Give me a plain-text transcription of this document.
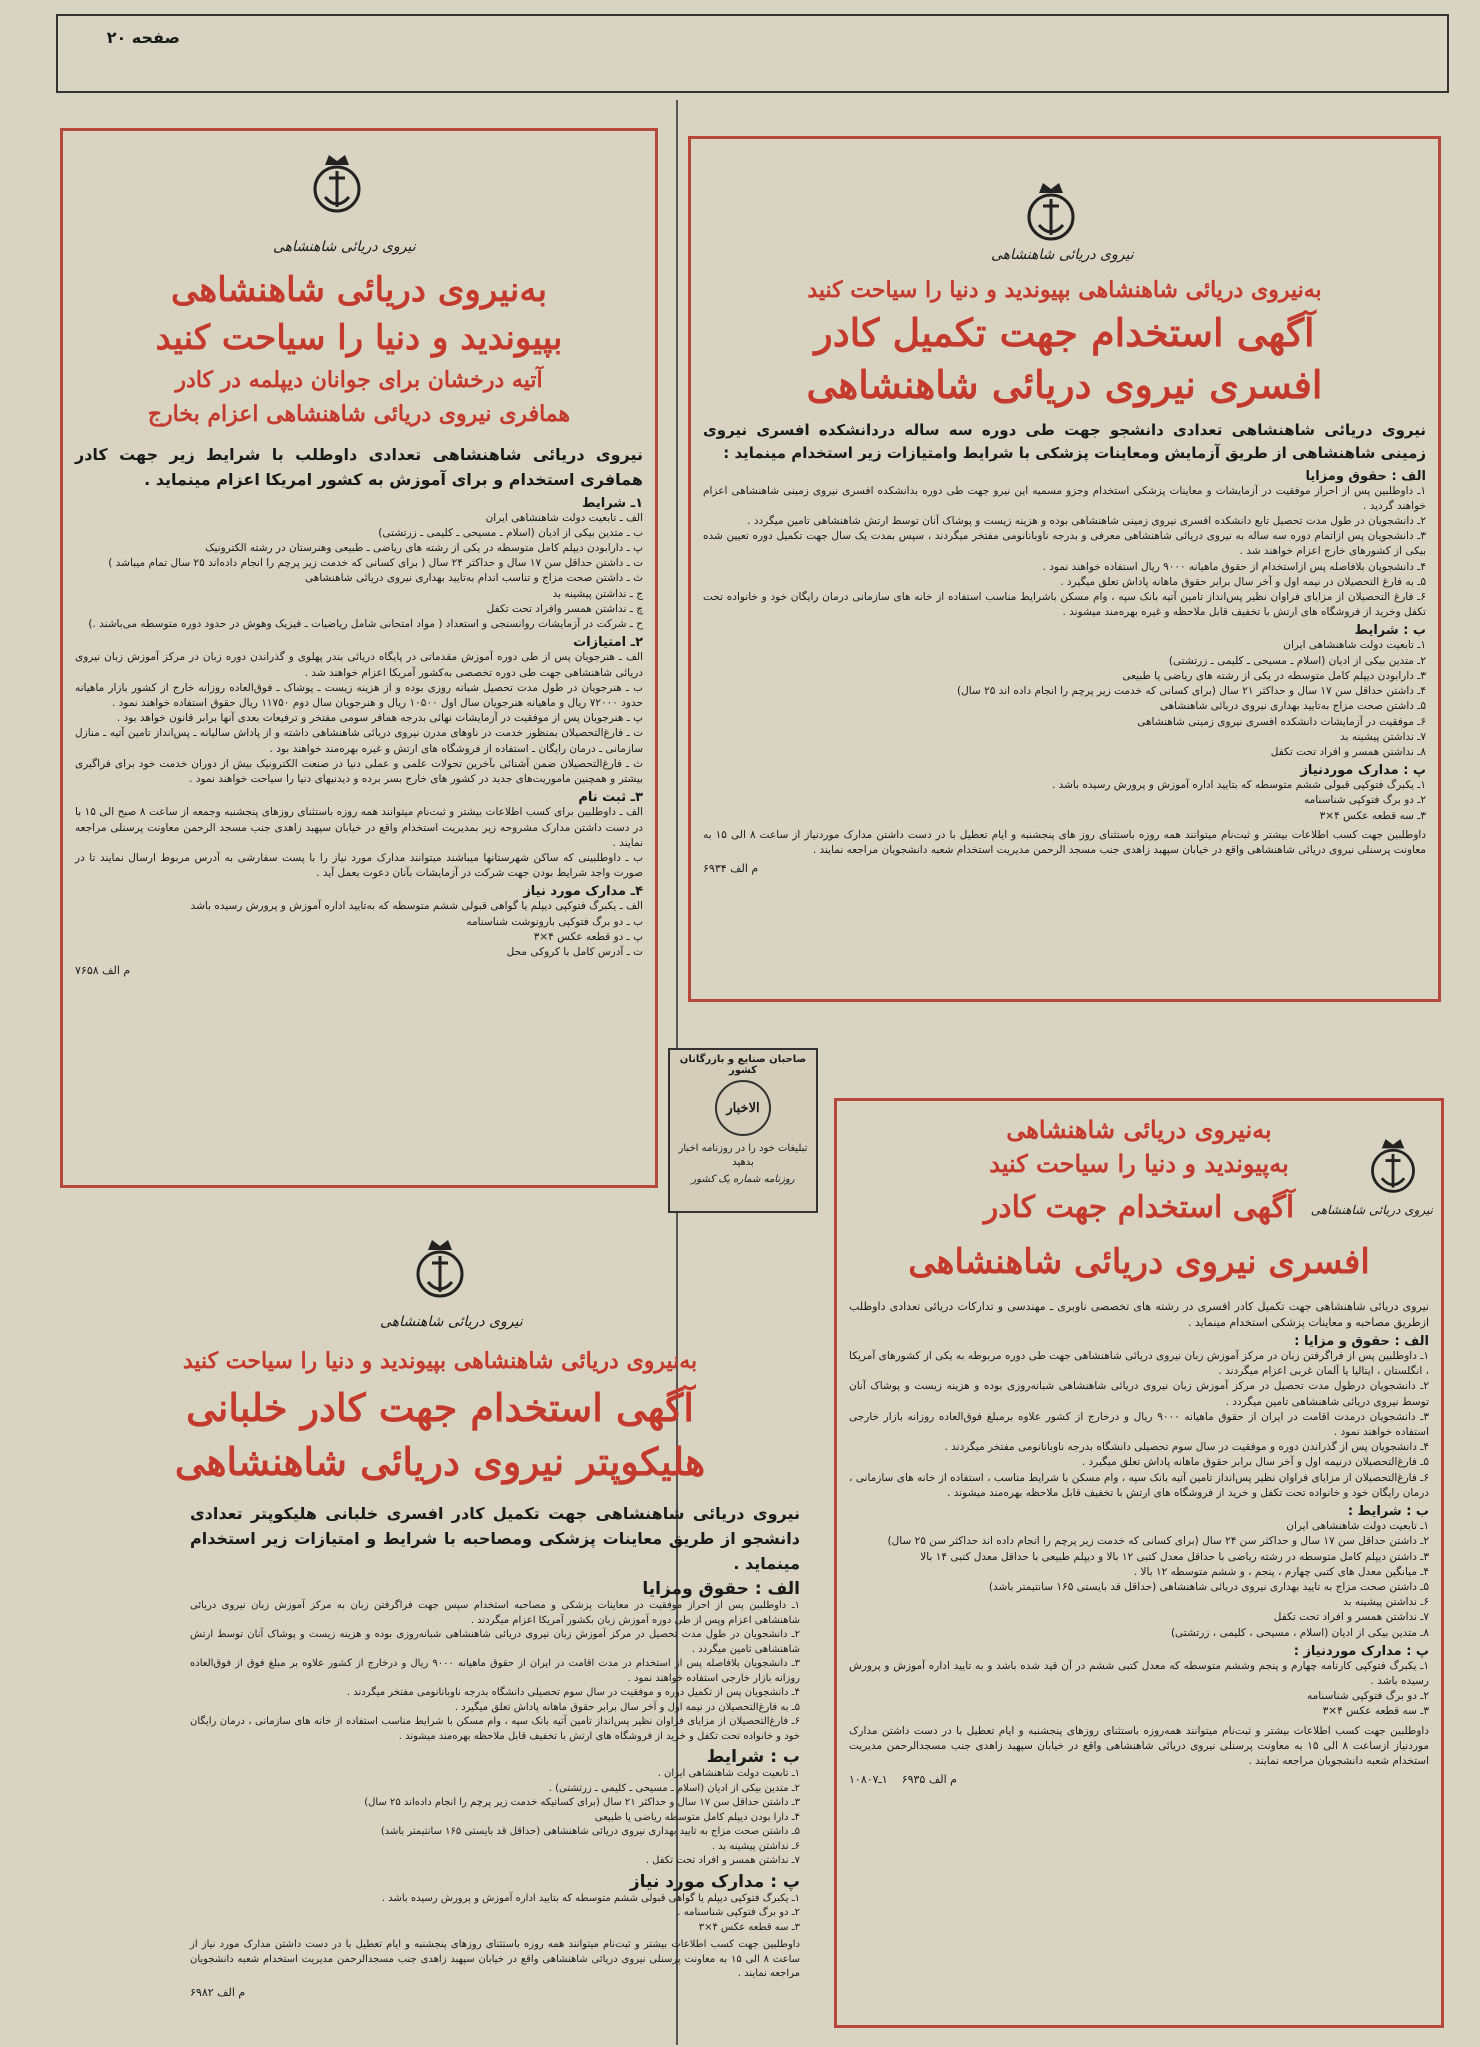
صفحه ۲۰
نیروی دریائی شاهنشاهی
به‌نیروی دریائی شاهنشاهی بپیوندید و دنیا را سیاحت کنید
آگهی استخدام جهت تکمیل کادر
افسری نیروی دریائی شاهنشاهی
نیروی دریائی شاهنشاهی تعدادی دانشجو جهت طی دوره سه ساله دردانشکده افسری نیروی زمینی شاهنشاهی از طریق آزمایش ومعاینات پزشکی با شرایط وامتیازات زیر استخدام مینماید :
الف : حقوق ومزایا

۱ـ داوطلبین پس از احراز موفقیت در آزمایشات و معاینات پزشکی استخدام وجزو مسمیه این نیرو جهت طی دوره بدانشکده افسری نیروی زمینی شاهنشاهی اعزام خواهند گردید .

۲ـ دانشجویان در طول مدت تحصیل تابع دانشکده افسری نیروی زمینی شاهنشاهی بوده و هزینه زیست و پوشاک آنان توسط ارتش شاهنشاهی تامین میگردد .

۳ـ دانشجویان پس ازاتمام دوره سه ساله به نیروی دریائی شاهنشاهی معرفی و بدرجه ناوبانانومی مفتخر میگردند ، سپس بمدت یک سال جهت تکمیل دوره تعیین شده بیکی از کشورهای خارج اعزام خواهند شد .

۴ـ دانشجویان بلافاصله پس ازاستخدام از حقوق ماهیانه ۹۰۰۰ ریال استفاده خواهند نمود .

۵ـ به فارغ التحصیلان در نیمه اول و آخر سال برابر حقوق ماهانه پاداش تعلق میگیرد .

۶ـ فارغ التحصیلان از مزایای فراوان نظیر پس‌انداز تامین آتیه بانک سپه ، وام مسکن باشرایط مناسب استفاده از خانه های سازمانی درمان رایگان خود و خانواده تحت تکفل وخرید از فروشگاه های ارتش با تخفیف قابل ملاحظه و غیره بهره‌مند میشوند .

ب : شرایط

۱ـ تابعیت دولت شاهنشاهی ایران

۲ـ متدین بیکی از ادیان (اسلام ـ مسیحی ـ کلیمی ـ زرتشتی)

۳ـ دارابودن دیپلم کامل متوسطه در یکی از رشته های ریاضی یا طبیعی

۴ـ داشتن حداقل سن ۱۷ سال و حداکثر ۲۱ سال (برای کسانی که خدمت زیر پرچم را انجام داده اند ۲۵ سال)

۵ـ داشتن صحت مزاج به‌تایید بهداری نیروی دریائی شاهنشاهی

۶ـ موفقیت در آزمایشات دانشکده افسری نیروی زمینی شاهنشاهی

۷ـ نداشتن پیشینه بد

۸ـ نداشتن همسر و افراد تحت تکفل

پ : مدارک موردنیاز

۱ـ یکبرگ فتوکپی قبولی ششم متوسطه که بتایید اداره آموزش و پرورش رسیده باشد .

۲ـ دو برگ فتوکپی شناسنامه

۳ـ سه قطعه عکس ۴×۳

داوطلبین جهت کسب اطلاعات بیشتر و ثبت‌نام میتوانند همه روزه باستثنای روز های پنجشنبه و ایام تعطیل با در دست داشتن مدارک موردنیاز از ساعت ۸ الی ۱۵ به معاونت پرسنلی نیروی دریائی شاهنشاهی واقع در خیابان سپهبد زاهدی جنب مسجد الرحمن مدیریت استخدام شعبه دانشجویان مراجعه نمایند .

م الف ۶۹۳۴
نیروی دریائی شاهنشاهی
به‌نیروی دریائی شاهنشاهی
بپیوندید و دنیا را سیاحت کنید
آتیه درخشان برای جوانان دیپلمه در کادر
همافری نیروی دریائی شاهنشاهی اعزام بخارج
نیروی دریائی شاهنشاهی تعدادی داوطلب با شرایط زیر جهت کادر همافری استخدام و برای آموزش به کشور امریکا اعزام مینماید .
۱ـ شرایط

الف ـ تابعیت دولت شاهنشاهی ایران

ب ـ متدین بیکی از ادیان (اسلام ـ مسیحی ـ کلیمی ـ زرتشتی)

پ ـ دارابودن دیپلم کامل متوسطه در یکی از رشته های ریاضی ـ طبیعی وهنرستان در رشته الکترونیک

ت ـ داشتن حداقل سن ۱۷ سال و حداکثر ۲۴ سال ( برای کسانی که خدمت زیر پرچم را انجام داده‌اند ۲۵ سال تمام میباشد )

ث ـ داشتن صحت مزاج و تناسب اندام به‌تایید بهداری نیروی دریائی شاهنشاهی

ج ـ نداشتن پیشینه بد

چ ـ نداشتن همسر وافراد تحت تکفل

ح ـ شرکت در آزمایشات روانسنجی و استعداد ( مواد امتحانی شامل ریاضیات ـ فیزیک وهوش در حدود دوره متوسطه می‌باشند .)

۲ـ امتیازات

الف ـ هنرجویان پس از طی دوره آموزش مقدماتی در پایگاه دریائی بندر پهلوی و گذراندن دوره زبان در مرکز آموزش زبان نیروی دریائی شاهنشاهی جهت طی دوره تخصصی به‌کشور آمریکا اعزام خواهند شد .

ب ـ هنرجویان در طول مدت تحصیل شبانه روزی بوده و از هزینه زیست ـ پوشاک ـ فوق‌العاده روزانه خارج از کشور بازار ماهیانه حدود ۷۲۰۰۰ ریال و ماهیانه هنرجویان سال اول ۱۰۵۰۰ ریال و هنرجویان سال دوم ۱۱۷۵۰ ریال حقوق استفاده خواهند نمود .

پ ـ هنرجویان پس از موفقیت در آزمایشات نهائی بدرجه همافر سومی مفتخر و ترفیعات بعدی آنها برابر قانون خواهد بود .

ت ـ فارغ‌التحصیلان بمنظور خدمت در ناوهای مدرن نیروی دریائی شاهنشاهی داشته و از پاداش سالیانه ـ پس‌انداز تامین آتیه ـ منازل سازمانی ـ درمان رایگان ـ استفاده از فروشگاه های ارتش و غیره بهره‌مند خواهند بود .

ث ـ فارغ‌التحصیلان ضمن آشنائی بآخرین تحولات علمی و عملی دنیا در صنعت الکترونیک بیش از دوران خدمت خود برای فراگیری بیشتر و همچنین ماموریت‌های جدید در کشور های خارج بسر برده و دیدنیهای دنیا را سیاحت خواهند نمود .

۳ـ ثبت نام

الف ـ داوطلبین برای کسب اطلاعات بیشتر و ثبت‌نام میتوانند همه روزه باستثنای روزهای پنجشنبه وجمعه از ساعت ۸ صبح الی ۱۵ با در دست داشتن مدارک مشروحه زیر بمدیریت استخدام واقع در خیابان سپهبد زاهدی جنب مسجد الرحمن معاونت پرسنلی مراجعه نمایند .

ب ـ داوطلبینی که ساکن شهرستانها میباشند میتوانند مدارک مورد نیاز را با پست سفارشی به آدرس مربوط ارسال نمایند تا در صورت واجد شرایط بودن جهت شرکت در آزمایشات بآنان دعوت بعمل آید .

۴ـ مدارک مورد نیاز

الف ـ یکبرگ فتوکپی دیپلم یا گواهی قبولی ششم متوسطه که به‌تایید اداره آموزش و پرورش رسیده باشد

ب ـ دو برگ فتوکپی بارونوشت شناسنامه

پ ـ دو قطعه عکس ۴×۳

ت ـ آدرس کامل با کروکی محل

م الف ۷۶۵۸
صاحبان صنایع و بازرگانان کشور
الاخبار
تبلیغات خود را در روزنامه اخبار بدهید
روزنامه شماره یک کشور
نیروی دریائی شاهنشاهی
به‌نیروی دریائی شاهنشاهی
به‌پیوندید و دنیا را سیاحت کنید
آگهی استخدام جهت کادر
افسری نیروی دریائی شاهنشاهی

نیروی دریائی شاهنشاهی جهت تکمیل کادر افسری در رشته های تخصصی ناوبری ـ مهندسی و تدارکات دریائی تعدادی داوطلب ازطریق مصاحبه و معاینات پزشکی استخدام مینماید .

الف : حقوق و مزایا :

۱ـ داوطلبین پس از فراگرفتن زبان در مرکز آموزش زبان نیروی دریائی شاهنشاهی جهت طی دوره مربوطه به یکی از کشورهای آمریکا ، انگلستان ، ایتالیا یا آلمان غربی اعزام میگردند .

۲ـ دانشجویان درطول مدت تحصیل در مرکز آموزش زبان نیروی دریائی شاهنشاهی شبانه‌روزی بوده و هزینه زیست و پوشاک آنان توسط نیروی دریائی شاهنشاهی تامین میگردد .

۳ـ دانشجویان درمدت اقامت در ایران از حقوق ماهیانه ۹۰۰۰ ریال و درخارج از کشور علاوه برمبلغ فوق‌العاده روزانه بازار خارجی استفاده خواهند نمود .

۴ـ دانشجویان پس از گذراندن دوره و موفقیت در سال سوم تحصیلی دانشگاه بدرجه ناوبانانومی مفتخر میگردند .

۵ـ فارغ‌التحصیلان درنیمه اول و آخر سال برابر حقوق ماهانه پاداش تعلق میگیرد .

۶ـ فارغ‌التحصیلان از مزایای فراوان نظیر پس‌انداز تامین آتیه بانک سپه ، وام مسکن با شرایط مناسب ، استفاده از خانه های سازمانی ، درمان رایگان خود و خانواده تحت تکفل و خرید از فروشگاه های ارتش با تخفیف قابل ملاحظه بهره‌مند میشوند .

ب : شرایط :

۱ـ تابعیت دولت شاهنشاهی ایران

۲ـ داشتن حداقل سن ۱۷ سال و حداکثر سن ۲۴ سال (برای کسانی که خدمت زیر پرچم را انجام داده اند حداکثر سن ۲۵ سال)

۳ـ داشتن دیپلم کامل متوسطه در رشته ریاضی با حداقل معدل کتبی ۱۲ بالا و دیپلم طبیعی با حداقل معدل کتبی ۱۴ بالا

۴ـ میانگین معدل های کتبی چهارم ، پنجم ، و ششم متوسطه ۱۲ بالا .

۵ـ داشتن صحت مزاج به تایید بهداری نیروی دریائی شاهنشاهی (حداقل قد بایستی ۱۶۵ سانتیمتر باشد)

۶ـ نداشتن پیشینه بد

۷ـ نداشتن همسر و افراد تحت تکفل

۸ـ متدین بیکی از ادیان (اسلام ، مسیحی ، کلیمی ، زرتشتی)

پ : مدارک موردنیاز :

۱ـ یکبرگ فتوکپی کارنامه چهارم و پنجم وششم متوسطه که معدل کتبی ششم در آن قید شده باشد و به تایید اداره آموزش و پرورش رسیده باشد .

۲ـ دو برگ فتوکپی شناسنامه

۳ـ سه قطعه عکس ۴×۳

داوطلبین جهت کسب اطلاعات بیشتر و ثبت‌نام میتوانند همه‌روزه باستثنای روزهای پنجشنبه و ایام تعطیل با در دست داشتن مدارک موردنیاز ازساعت ۸ الی ۱۵ به معاونت پرسنلی نیروی دریائی شاهنشاهی واقع در خیابان سپهبد زاهدی جنب مسجدالرحمن مدیریت استخدام شعبه دانشجویان مراجعه نمایند .

م الف ۶۹۳۵    ۱ـ۱۰۸۰۷
نیروی دریائی شاهنشاهی
به‌نیروی دریائی شاهنشاهی بپیوندید و دنیا را سیاحت کنید
آگهی استخدام جهت کادر خلبانی
هلیکوپتر نیروی دریائی شاهنشاهی
نیروی دریائی شاهنشاهی جهت تکمیل کادر افسری خلبانی هلیکوپتر تعدادی دانشجو از طریق معاینات پزشکی ومصاحبه با شرایط و امتیازات زیر استخدام مینماید .
الف : حقوق ومزایا

۱ـ داوطلبین پس از احراز موفقیت در معاینات پزشکی و مصاحبه استخدام سپس جهت فراگرفتن زبان به مرکز آموزش زبان نیروی دریائی شاهنشاهی اعزام وپس از طی دوره آموزش زبان بکشور آمریکا اعزام میگردند .

۲ـ دانشجویان در طول مدت تحصیل در مرکز آموزش زبان نیروی دریائی شاهنشاهی شبانه‌روزی بوده و هزینه زیست و پوشاک آنان توسط ارتش شاهنشاهی تامین میگردد .

۳ـ دانشجویان بلافاصله پس از استخدام در مدت اقامت در ایران از حقوق ماهیانه ۹۰۰۰ ریال و درخارج از کشور علاوه بر مبلغ فوق از فوق‌العاده روزانه بازار خارجی استفاده خواهند نمود .

۴ـ دانشجویان پس از تکمیل دوره و موفقیت در سال سوم تحصیلی دانشگاه بدرجه ناوبانانومی مفتخر میگردند .

۵ـ به فارغ‌التحصیلان در نیمه اول و آخر سال برابر حقوق ماهانه پاداش تعلق میگیرد .

۶ـ فارغ‌التحصیلان از مزایای فراوان نظیر پس‌انداز تامین آتیه بانک سپه ، وام مسکن با شرایط مناسب استفاده از خانه های سازمانی ، درمان رایگان خود و خانواده تحت تکفل و خرید از فروشگاه های ارتش با تخفیف قابل ملاحظه بهره‌مند میشوند .

ب : شرایط

۱ـ تابعیت دولت شاهنشاهی ایران .

۲ـ متدین بیکی از ادیان (اسلام ـ مسیحی ـ کلیمی ـ زرتشتی) .

۳ـ داشتن حداقل سن ۱۷ سال و حداکثر ۲۱ سال (برای کسانیکه خدمت زیر پرچم را انجام داده‌اند ۲۵ سال)

۴ـ دارا بودن دیپلم کامل متوسطه ریاضی یا طبیعی

۵ـ داشتن صحت مزاج به تایید بهداری نیروی دریائی شاهنشاهی (حداقل قد بایستی ۱۶۵ سانتیمتر باشد)

۶ـ نداشتن پیشینه بد .

۷ـ نداشتن همسر و افراد تحت تکفل .

پ : مدارک مورد نیاز

۱ـ یکبرگ فتوکپی دیپلم یا گواهی قبولی ششم متوسطه که بتایید اداره آموزش و پرورش رسیده باشد .

۲ـ دو برگ فتوکپی شناسنامه .

۳ـ سه قطعه عکس ۴×۳

داوطلبین جهت کسب اطلاعات بیشتر و ثبت‌نام میتوانند همه روزه باستثنای روزهای پنجشنبه و ایام تعطیل با در دست داشتن مدارک مورد نیاز از ساعت ۸ الی ۱۵ به معاونت پرسنلی نیروی دریائی شاهنشاهی واقع در خیابان سپهبد زاهدی جنب مسجدالرحمن مدیریت استخدام شعبه دانشجویان مراجعه نمایند .

م الف ۶۹۸۲
